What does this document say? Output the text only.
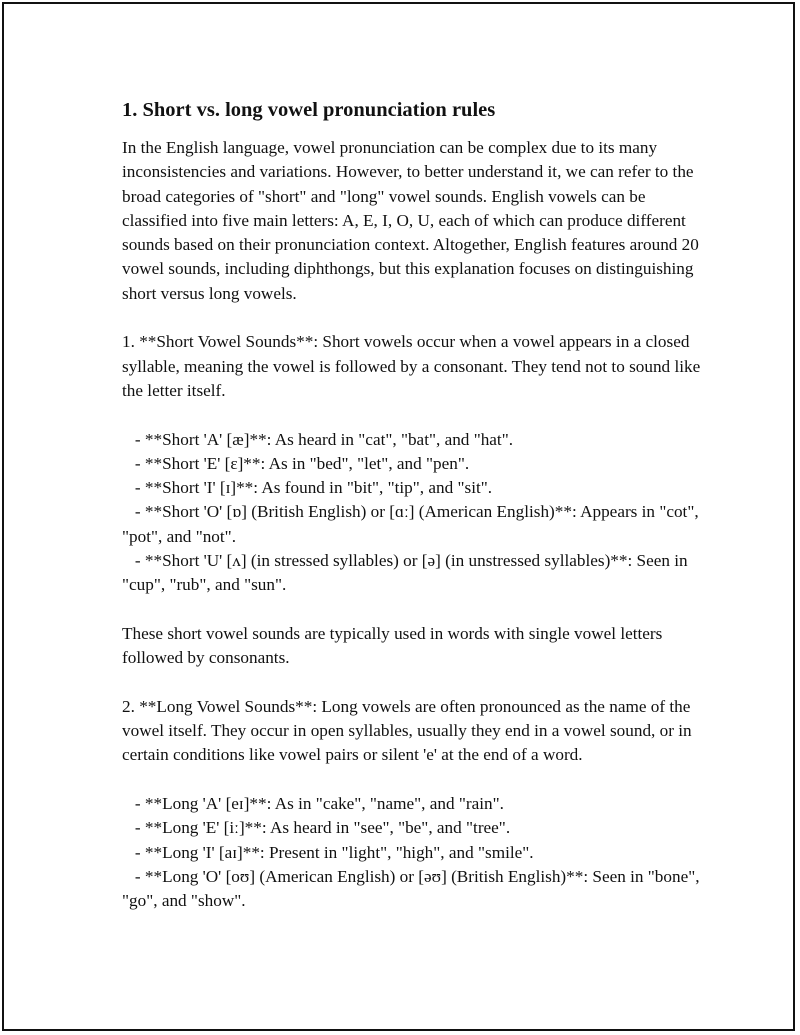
1. Short vs. long vowel pronunciation rules

In the English language, vowel pronunciation can be complex due to its many inconsistencies and variations. However, to better understand it, we can refer to the broad categories of "short" and "long" vowel sounds. English vowels can be classified into five main letters: A, E, I, O, U, each of which can produce different sounds based on their pronunciation context. Altogether, English features around 20 vowel sounds, including diphthongs, but this explanation focuses on distinguishing short versus long vowels.

1. **Short Vowel Sounds**: Short vowels occur when a vowel appears in a closed syllable, meaning the vowel is followed by a consonant. They tend not to sound like the letter itself.

- **Short 'A' [æ]**: As heard in "cat", "bat", and "hat".

- **Short 'E' [ɛ]**: As in "bed", "let", and "pen".

- **Short 'I' [ɪ]**: As found in "bit", "tip", and "sit".

- **Short 'O' [ɒ] (British English) or [ɑː] (American English)**: Appears in "cot", "pot", and "not".

- **Short 'U' [ʌ] (in stressed syllables) or [ə] (in unstressed syllables)**: Seen in "cup", "rub", and "sun".

These short vowel sounds are typically used in words with single vowel letters followed by consonants.

2. **Long Vowel Sounds**: Long vowels are often pronounced as the name of the vowel itself. They occur in open syllables, usually they end in a vowel sound, or in certain conditions like vowel pairs or silent 'e' at the end of a word.

- **Long 'A' [eɪ]**: As in "cake", "name", and "rain".

- **Long 'E' [iː]**: As heard in "see", "be", and "tree".

- **Long 'I' [aɪ]**: Present in "light", "high", and "smile".

- **Long 'O' [oʊ] (American English) or [əʊ] (British English)**: Seen in "bone", "go", and "show".
